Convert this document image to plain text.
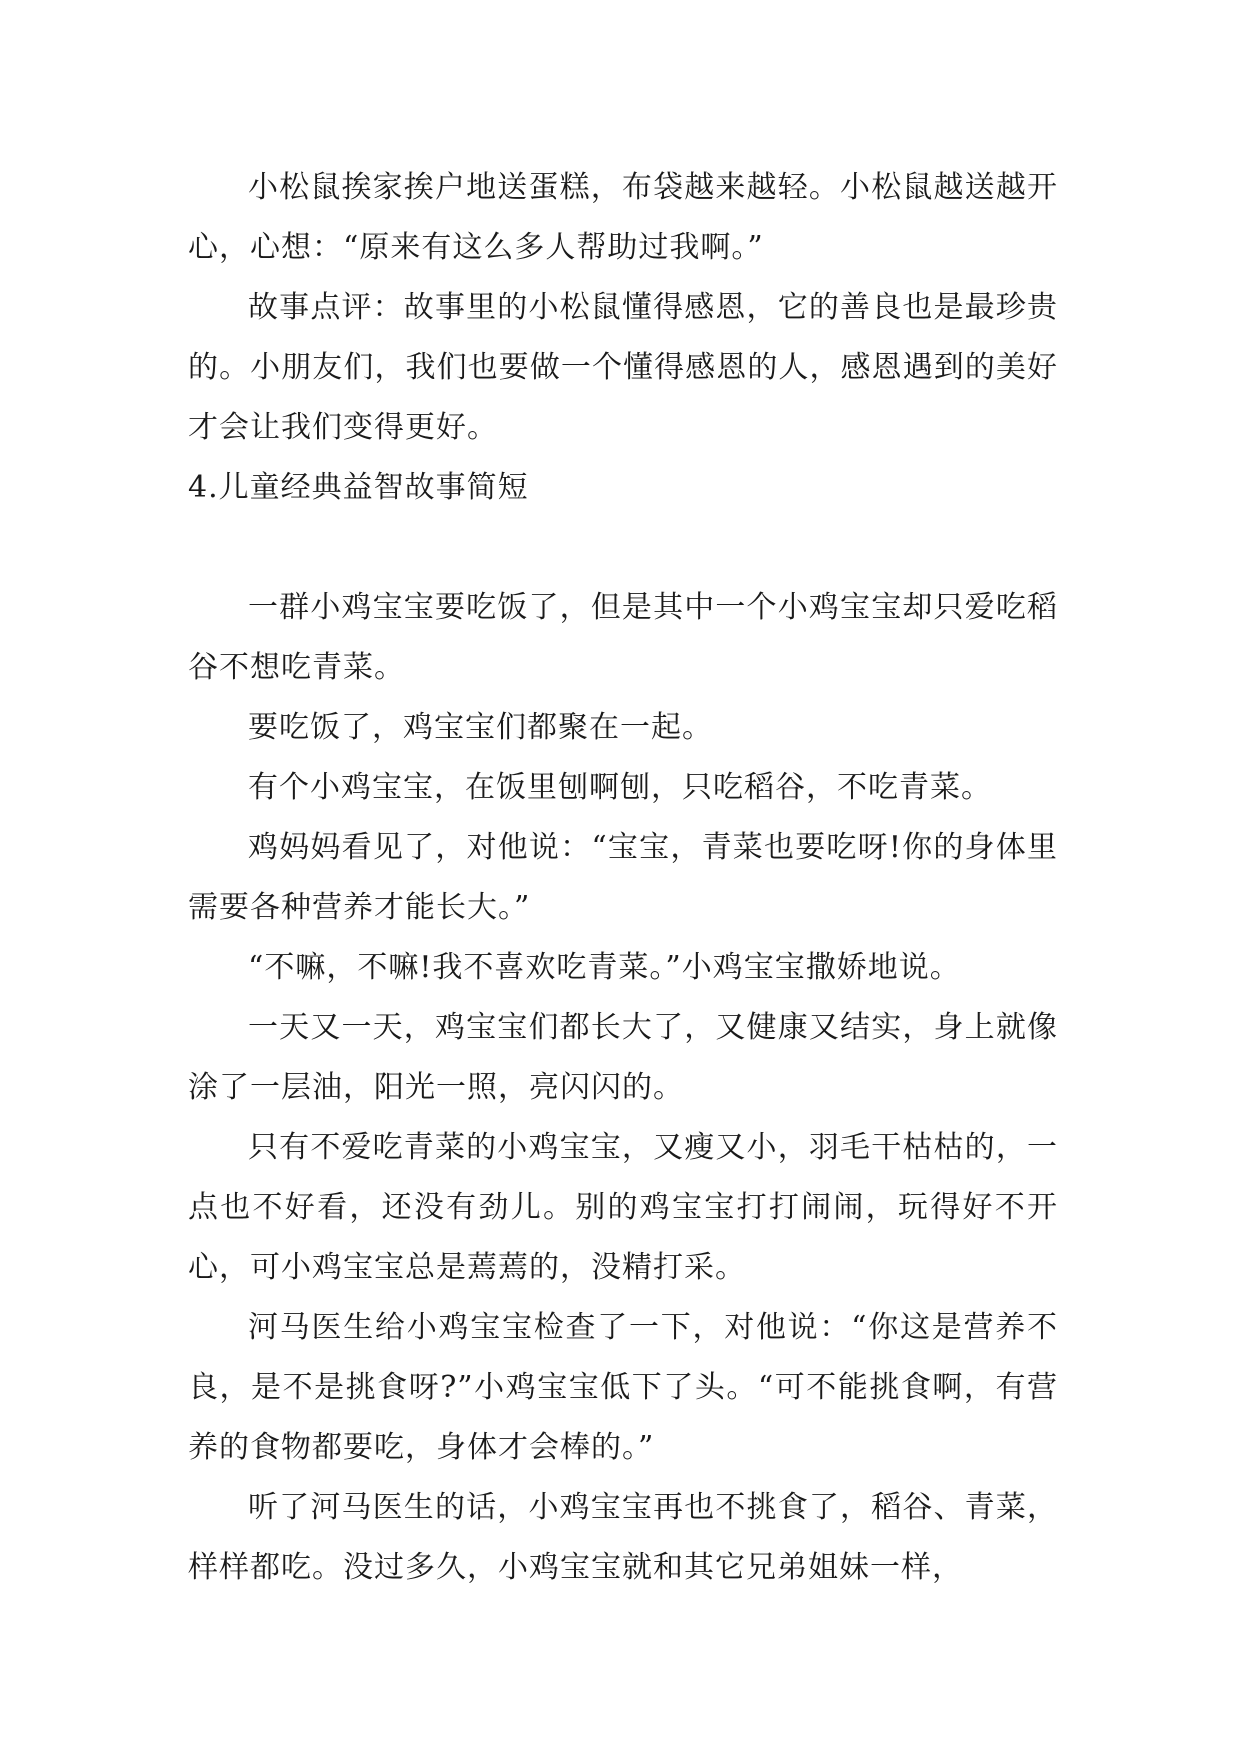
小松鼠挨家挨户地送蛋糕，布袋越来越轻。小松鼠越送越开心，心想：“原来有这么多人帮助过我啊。”

故事点评：故事里的小松鼠懂得感恩，它的善良也是最珍贵的。小朋友们，我们也要做一个懂得感恩的人，感恩遇到的美好才会让我们变得更好。

4.儿童经典益智故事简短

一群小鸡宝宝要吃饭了，但是其中一个小鸡宝宝却只爱吃稻谷不想吃青菜。

要吃饭了，鸡宝宝们都聚在一起。

有个小鸡宝宝，在饭里刨啊刨，只吃稻谷，不吃青菜。

鸡妈妈看见了，对他说：“宝宝，青菜也要吃呀!你的身体里需要各种营养才能长大。”

“不嘛，不嘛!我不喜欢吃青菜。”小鸡宝宝撒娇地说。

一天又一天，鸡宝宝们都长大了，又健康又结实，身上就像涂了一层油，阳光一照，亮闪闪的。

只有不爱吃青菜的小鸡宝宝，又瘦又小，羽毛干枯枯的，一点也不好看，还没有劲儿。别的鸡宝宝打打闹闹，玩得好不开心，可小鸡宝宝总是蔫蔫的，没精打采。

河马医生给小鸡宝宝检查了一下，对他说：“你这是营养不良，是不是挑食呀?”小鸡宝宝低下了头。“可不能挑食啊，有营养的食物都要吃，身体才会棒的。”

听了河马医生的话，小鸡宝宝再也不挑食了，稻谷、青菜，样样都吃。没过多久，小鸡宝宝就和其它兄弟姐妹一样，
